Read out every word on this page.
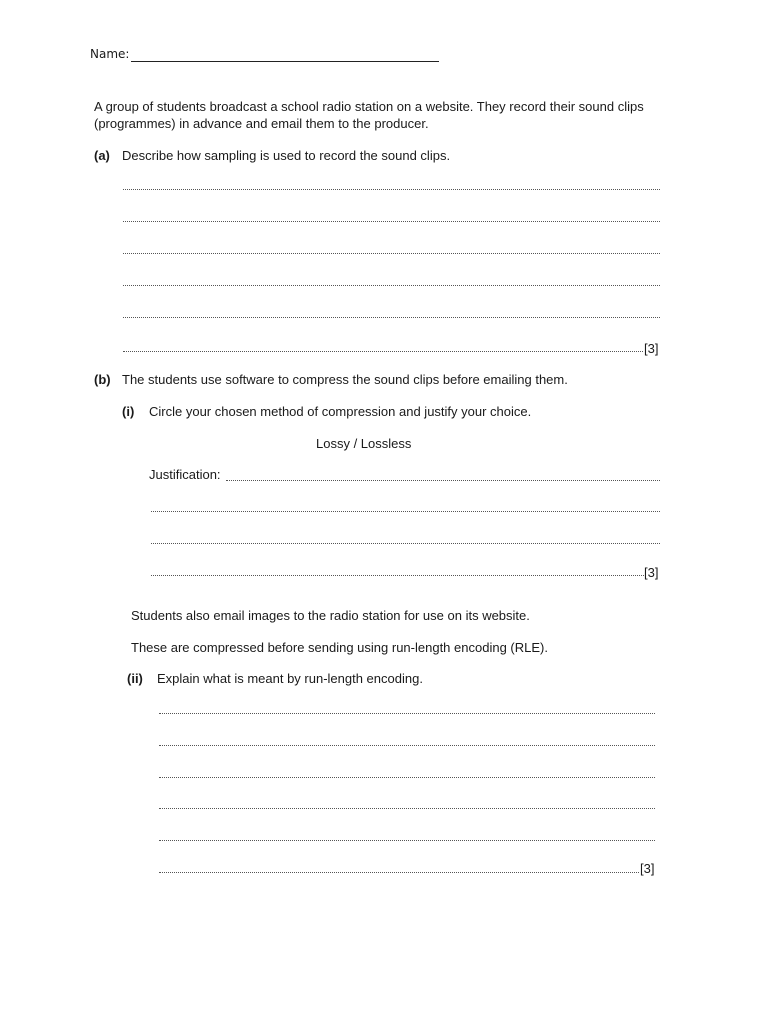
Name:
A group of students broadcast a school radio station on a website. They record their sound clips
(programmes) in advance and email them to the producer.
(a) Describe how sampling is used to record the sound clips.
[3]
(b) The students use software to compress the sound clips before emailing them.
(i) Circle your chosen method of compression and justify your choice.
Lossy / Lossless
Justification:
[3]
Students also email images to the radio station for use on its website.
These are compressed before sending using run-length encoding (RLE).
(ii) Explain what is meant by run-length encoding.
[3]
